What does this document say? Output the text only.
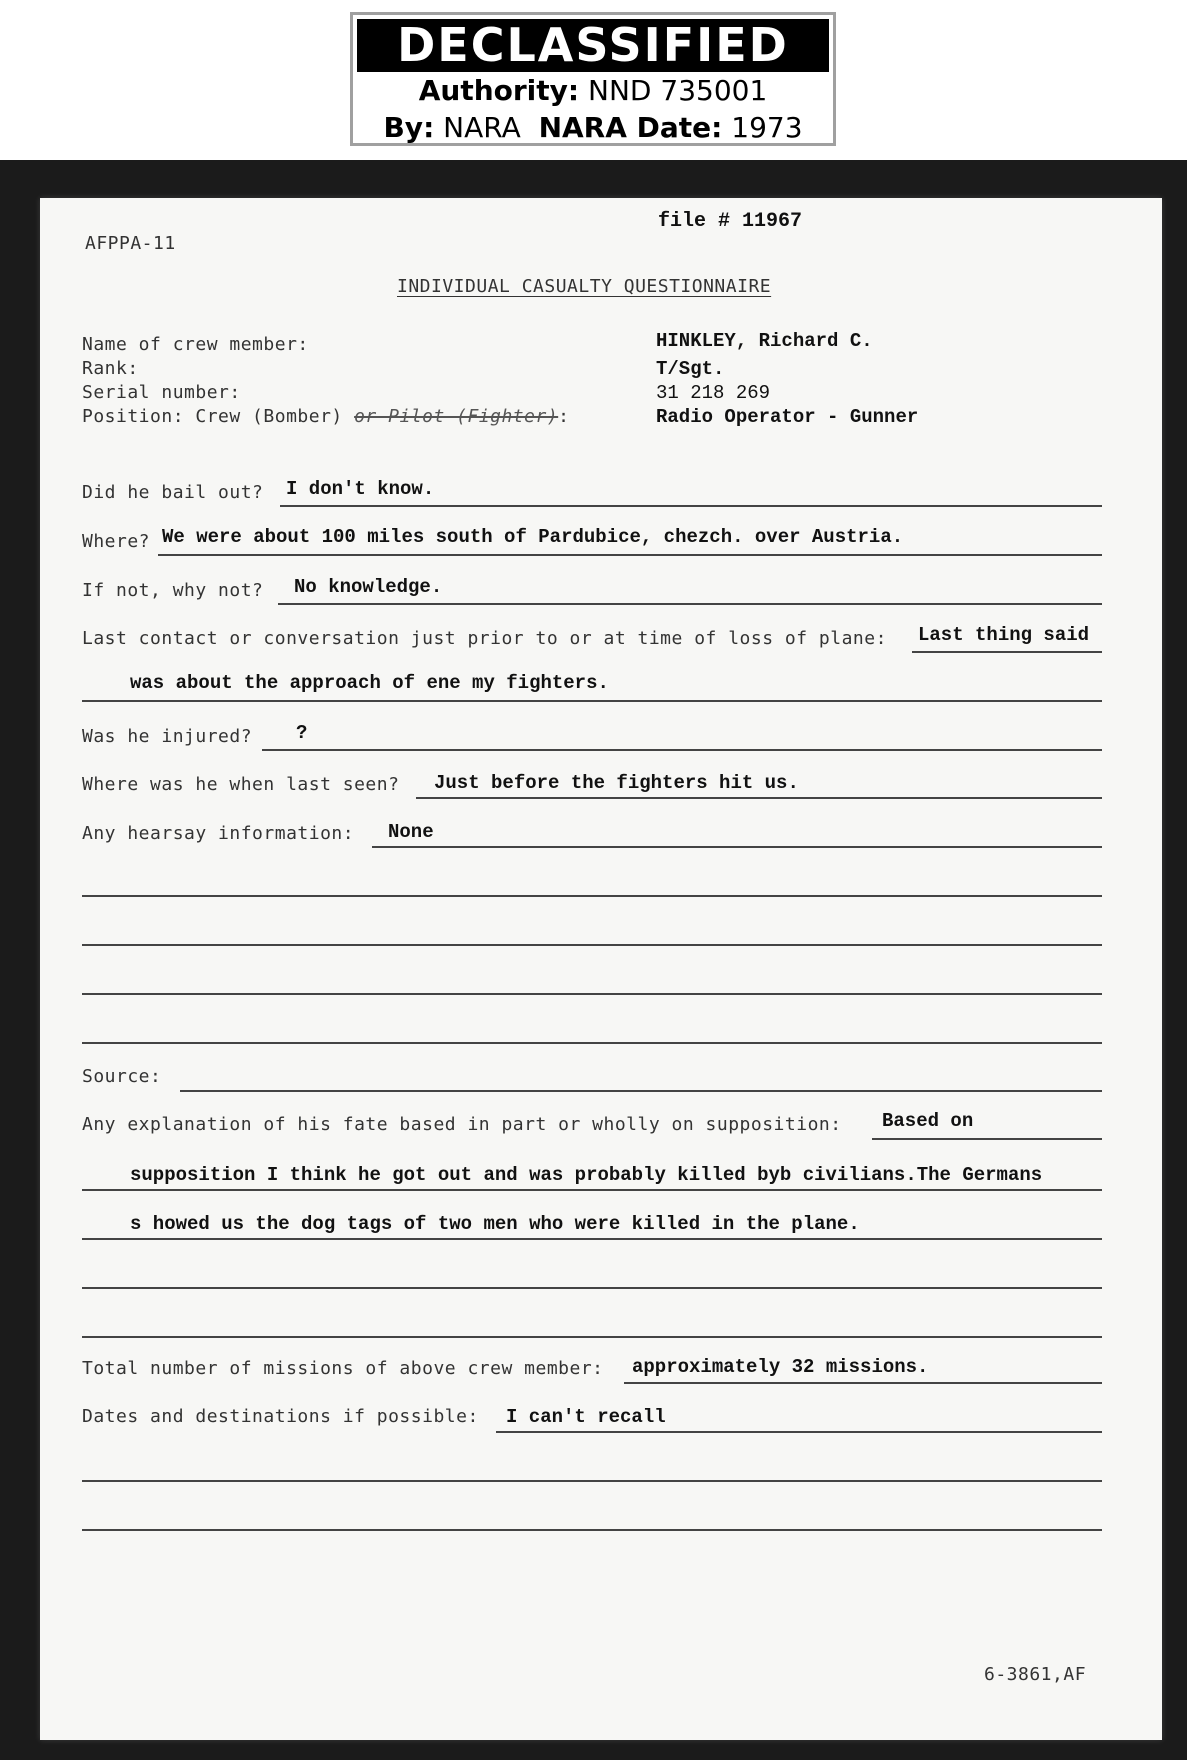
DECLASSIFIED
Authority: NND 735001
By: NARA NARA Date: 1973
AFPPA-11
file # 11967
INDIVIDUAL CASUALTY QUESTIONNAIRE
Name of crew member:	HINKLEY, Richard C.
Rank:	T/Sgt.
Serial number:	31 218 269
Position: Crew (Bomber) or Pilot (Fighter):	Radio Operator - Gunner
Did he bail out? I don't know.
Where? We were about 100 miles south of Pardubice, chezch. over Austria.
If not, why not? No knowledge.
Last contact or conversation just prior to or at time of loss of plane: Last thing said
was about the approach of ene my fighters.
Was he injured? ?
Where was he when last seen? Just before the fighters hit us.
Any hearsay information: None
Source:
Any explanation of his fate based in part or wholly on supposition: Based on
supposition I think he got out and was probably killed byb civilians.The Germans
s howed us the dog tags of two men who were killed in the plane.
Total number of missions of above crew member: approximately 32 missions.
Dates and destinations if possible: I can't recall
6-3861,AF
